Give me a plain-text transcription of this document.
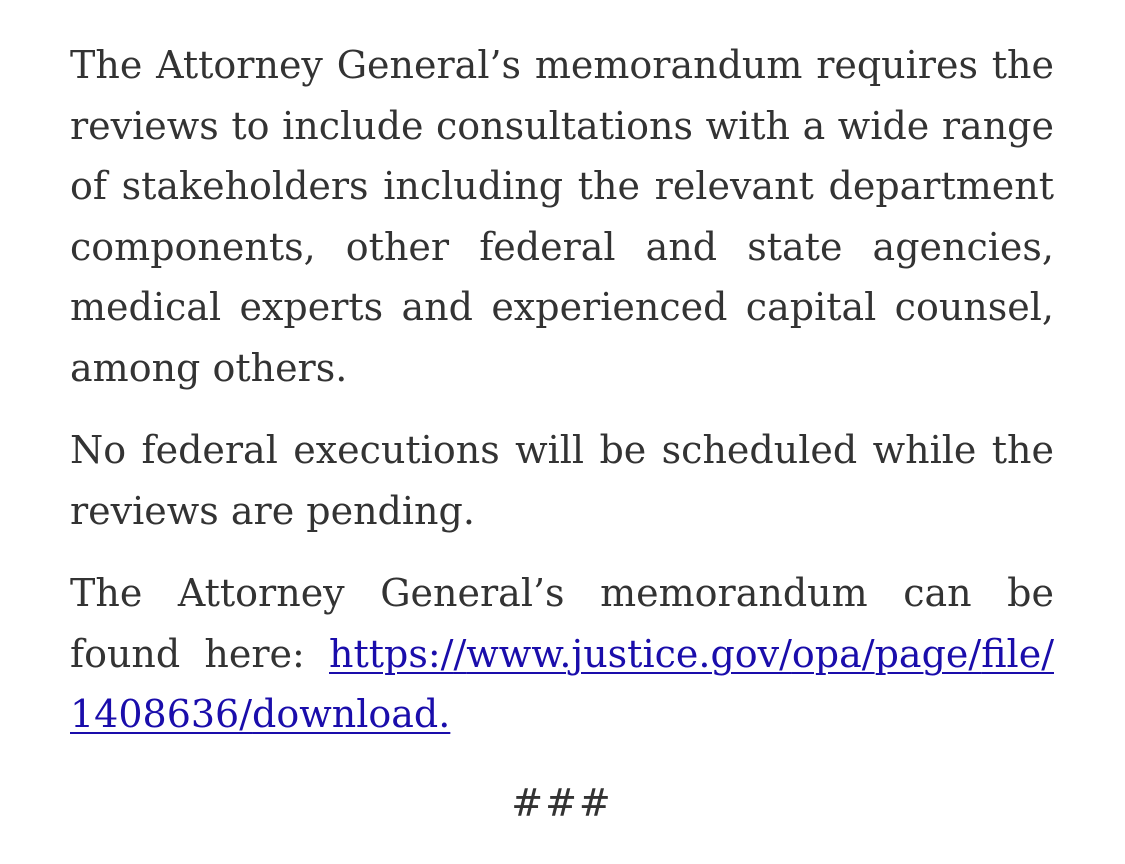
The Attorney General’s memorandum requires the reviews to include consultations with a wide range of stakeholders including the relevant department components, other federal and state agencies, medical experts and experienced capital counsel, among others.

No federal executions will be scheduled while the reviews are pending.

The Attorney General’s memorandum can be found here: https://www.justice.gov/opa/page/file/1408636/download.

###
